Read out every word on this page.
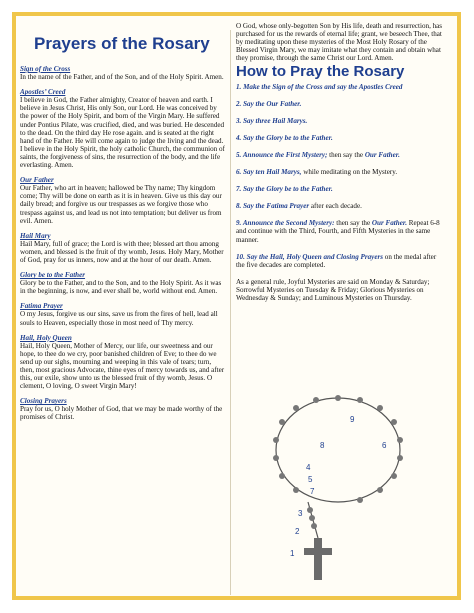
Prayers of the Rosary
Sign of the Cross

In the name of the Father, and of the Son, and of the Holy Spirit. Amen.

Apostles’ Creed

I believe in God, the Father almighty, Creator of heaven and earth. I believe in Jesus Christ, His only Son, our Lord. He was conceived by the power of the Holy Spirit, and born of the Virgin Mary. He suffered under Pontius Pilate, was crucified, died, and was buried. He descended to the dead. On the third day He rose again. and is seated at the right hand of the Father. He will come again to judge the living and the dead. I believe in the Holy Spirit, the holy catholic Church, the communion of saints, the forgiveness of sins, the resurrection of the body, and the life everlasting. Amen.

Our Father

Our Father, who art in heaven; hallowed be Thy name; Thy kingdom come; Thy will be done on earth as it is in heaven. Give us this day our daily bread; and forgive us our trespasses as we forgive those who trespass against us, and lead us not into temptation; but deliver us from evil. Amen.

Hail Mary

Hail Mary, full of grace; the Lord is with thee; blessed art thou among women, and blessed is the fruit of thy womb, Jesus. Holy Mary, Mother of God, pray for us inners, now and at the hour of our death. Amen.

Glory be to the Father

Glory be to the Father, and to the Son, and to the Holy Spirit. As it was in the beginning, is now, and ever shall be, world without end. Amen.

Fatima Prayer

O my Jesus, forgive us our sins, save us from the fires of hell, lead all souls to Heaven, especially those in most need of Thy mercy.

Hail, Holy Queen

Hail, Holy Queen, Mother of Mercy, our life, our sweetness and our hope, to thee do we cry, poor banished children of Eve; to thee do we send up our sighs, mourning and weeping in this vale of tears; turn, then, most gracious Advocate, thine eyes of mercy towards us, and after this, our exile, show unto us the blessed fruit of thy womb, Jesus. O clement, O loving, O sweet Virgin Mary!

Closing Prayers

Pray for us, O holy Mother of God, that we may be made worthy of the promises of Christ.

O God, whose only-begotten Son by His life, death and resurrection, has purchased for us the rewards of eternal life; grant, we beseech Thee, that by meditating upon these mysteries of the Most Holy Rosary of the Blessed Virgin Mary, we may imitate what they contain and obtain what they promise, through the same Christ our Lord. Amen.

How to Pray the Rosary
1. Make the Sign of the Cross and say the Apostles Creed
2. Say the Our Father.
3. Say three Hail Marys.
4. Say the Glory be to the Father.
5. Announce the First Mystery; then say the Our Father.
6. Say ten Hail Marys, while meditating on the Mystery.
7. Say the Glory be to the Father.
8. Say the Fatima Prayer after each decade.
9. Announce the Second Mystery: then say the Our Father. Repeat 6-8 and continue with the Third, Fourth, and Fifth Mysteries in the same manner.
10. Say the Hail, Holy Queen and Closing Prayers on the medal after the five decades are completed.

As a general rule, Joyful Mysteries are said on Monday & Saturday; Sorrowful Mysteries on Tuesday & Friday; Glorious Mysteries on Wednesday & Sunday; and Luminous Mysteries on Thursday.

1
2
3
4
5
6
7
8
9
